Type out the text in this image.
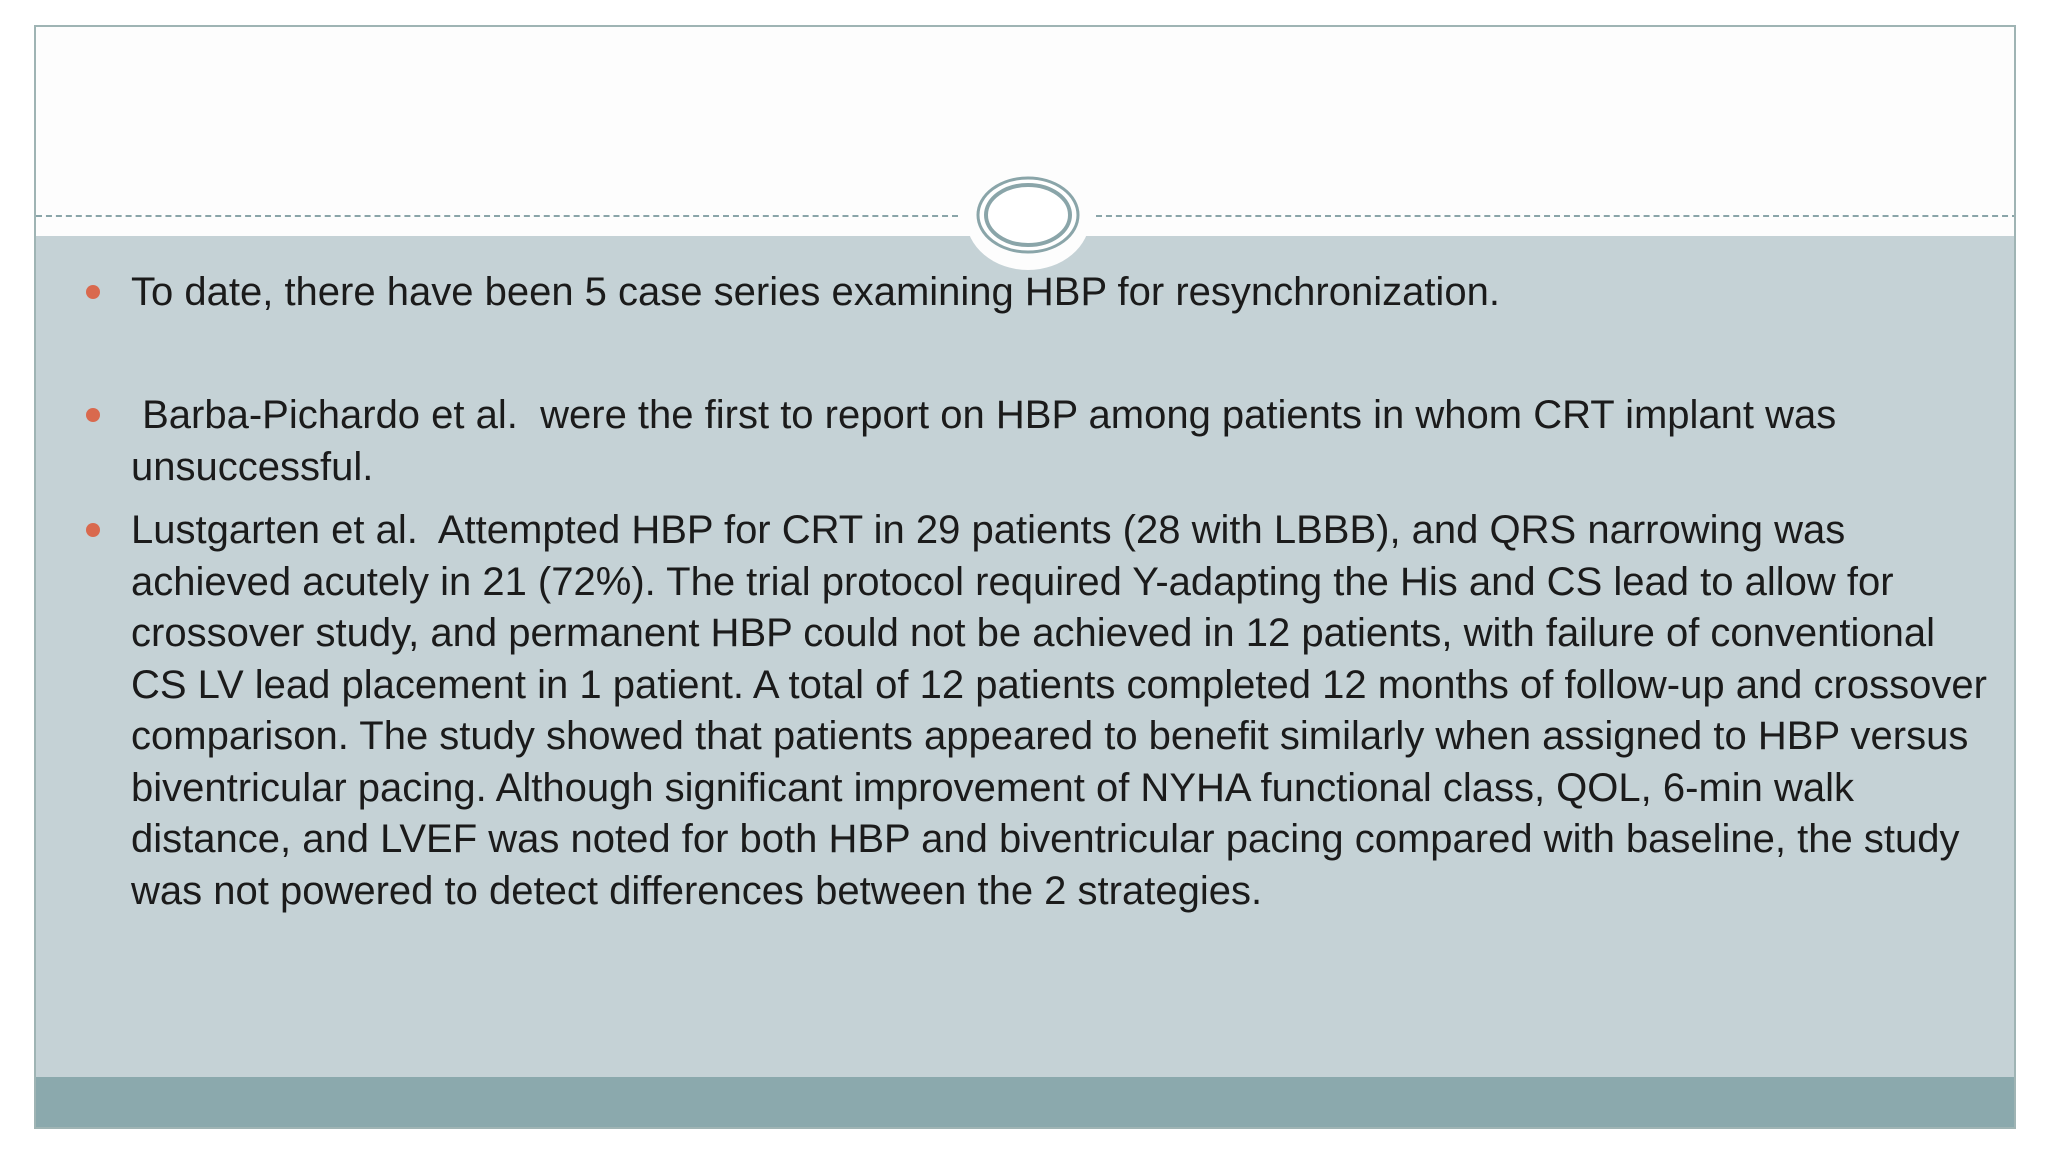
To date, there have been 5 case series examining HBP for resynchronization.
Barba-Pichardo et al.  were the first to report on HBP among patients in whom CRT implant was unsuccessful.
Lustgarten et al.  Attempted HBP for CRT in 29 patients (28 with LBBB), and QRS narrowing was achieved acutely in 21 (72%). The trial protocol required Y-adapting the His and CS lead to allow for crossover study, and permanent HBP could not be achieved in 12 patients, with failure of conventional CS LV lead placement in 1 patient. A total of 12 patients completed 12 months of follow-up and crossover comparison. The study showed that patients appeared to benefit similarly when assigned to HBP versus biventricular pacing. Although significant improvement of NYHA functional class, QOL, 6-min walk distance, and LVEF was noted for both HBP and biventricular pacing compared with baseline, the study was not powered to detect differences between the 2 strategies.
